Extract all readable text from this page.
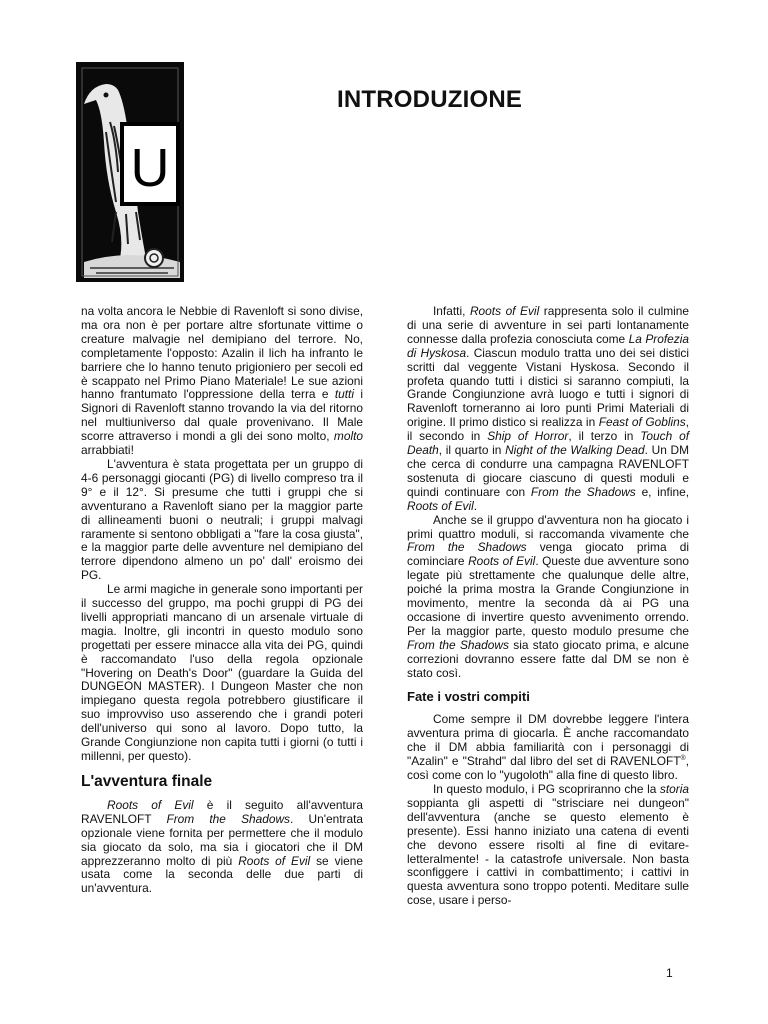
U
INTRODUZIONE

na volta ancora le Nebbie di Ravenloft si sono divise, ma ora non è per portare altre sfortunate vittime o creature malvagie nel demipiano del terrore. No, completamente l'opposto: Azalin il lich ha infranto le barriere che lo hanno tenuto prigioniero per secoli ed è scappato nel Primo Piano Materiale! Le sue azioni hanno frantumato l'oppressione della terra e tutti i Signori di Ravenloft stanno trovando la via del ritorno nel multiuniverso dal quale provenivano. Il Male scorre attraverso i mondi a gli dei sono molto, molto arrabbiati!

L'avventura è stata progettata per un gruppo di 4-6 personaggi giocanti (PG) di livello compreso tra il 9° e il 12°. Si presume che tutti i gruppi che si avventurano a Ravenloft siano per la maggior parte di allineamenti buoni o neutrali; i gruppi malvagi raramente si sentono obbligati a "fare la cosa giusta", e la maggior parte delle avventure nel demipiano del terrore dipendono almeno un po' dall' eroismo dei PG.

Le armi magiche in generale sono importanti per il successo del gruppo, ma pochi gruppi di PG dei livelli appropriati mancano di un arsenale virtuale di magia. Inoltre, gli incontri in questo modulo sono progettati per essere minacce alla vita dei PG, quindi è raccomandato l'uso della regola opzionale "Hovering on Death's Door" (guardare la Guida del DUNGEON MASTER). I Dungeon Master che non impiegano questa regola potrebbero giustificare il suo improvviso uso asserendo che i grandi poteri dell'universo qui sono al lavoro. Dopo tutto, la Grande Congiunzione non capita tutti i giorni (o tutti i millenni, per questo).

L'avventura finale

Roots of Evil è il seguito all'avventura RAVENLOFT From the Shadows. Un'entrata opzionale viene fornita per permettere che il modulo sia giocato da solo, ma sia i giocatori che il DM apprezzeranno molto di più Roots of Evil se viene usata come la seconda delle due parti di un'avventura.

Infatti, Roots of Evil rappresenta solo il culmine di una serie di avventure in sei parti lontanamente connesse dalla profezia conosciuta come La Profezia di Hyskosa. Ciascun modulo tratta uno dei sei distici scritti dal veggente Vistani Hyskosa. Secondo il profeta quando tutti i distici si saranno compiuti, la Grande Congiunzione avrà luogo e tutti i signori di Ravenloft torneranno ai loro punti Primi Materiali di origine. Il primo distico si realizza in Feast of Goblins, il secondo in Ship of Horror, il terzo in Touch of Death, il quarto in Night of the Walking Dead. Un DM che cerca di condurre una campagna RAVENLOFT sostenuta di giocare ciascuno di questi moduli e quindi continuare con From the Shadows e, infine, Roots of Evil.

Anche se il gruppo d'avventura non ha giocato i primi quattro moduli, si raccomanda vivamente che From the Shadows venga giocato prima di cominciare Roots of Evil. Queste due avventure sono legate più strettamente che qualunque delle altre, poiché la prima mostra la Grande Congiunzione in movimento, mentre la seconda dà ai PG una occasione di invertire questo avvenimento orrendo. Per la maggior parte, questo modulo presume che From the Shadows sia stato giocato prima, e alcune correzioni dovranno essere fatte dal DM se non è stato così.

Fate i vostri compiti

Come sempre il DM dovrebbe leggere l'intera avventura prima di giocarla. È anche raccomandato che il DM abbia familiarità con i personaggi di "Azalin" e "Strahd" dal libro del set di RAVENLOFT®, così come con lo "yugoloth" alla fine di questo libro.

In questo modulo, i PG scopriranno che la storia soppianta gli aspetti di "strisciare nei dungeon" dell'avventura (anche se questo elemento è presente). Essi hanno iniziato una catena di eventi che devono essere risolti al fine di evitare-letteralmente! - la catastrofe universale. Non basta sconfiggere i cattivi in combattimento; i cattivi in questa avventura sono troppo potenti. Meditare sulle cose, usare i perso-

1
